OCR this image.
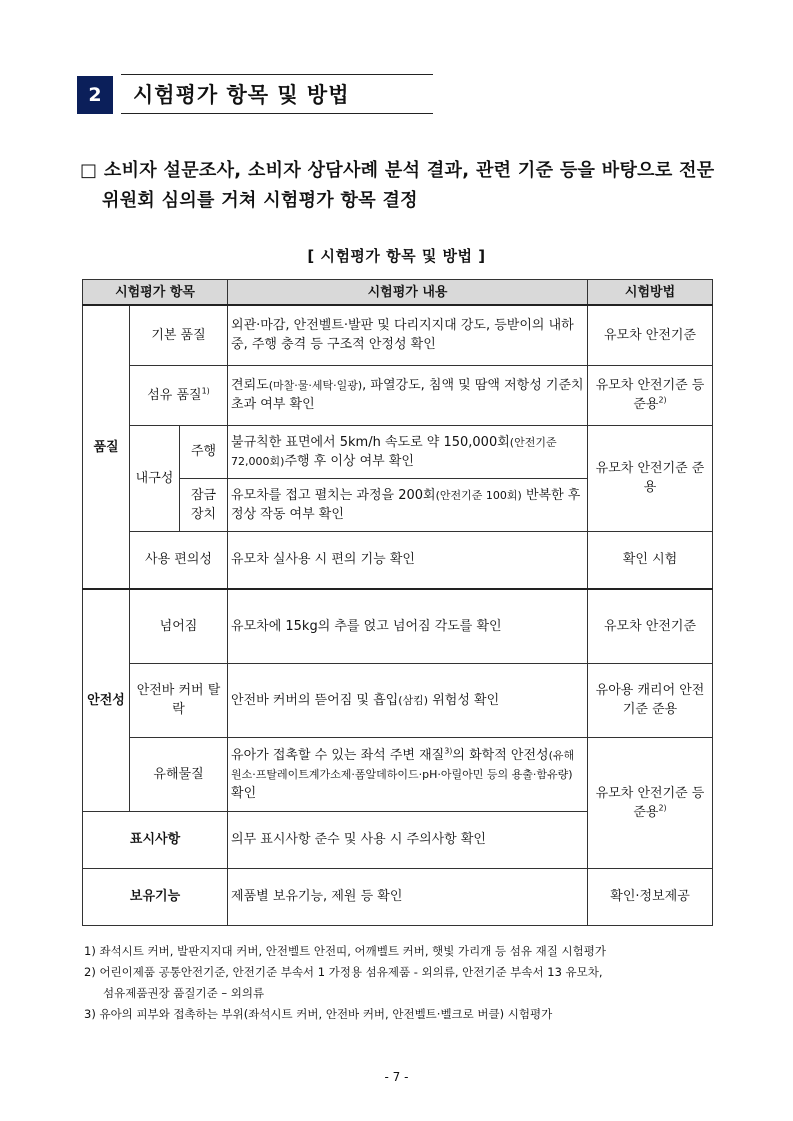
2	시험평가 항목 및 방법
□ 소비자 설문조사, 소비자 상담사례 분석 결과, 관련 기준 등을 바탕으로 전문
위원회 심의를 거쳐 시험평가 항목 결정
[ 시험평가 항목 및 방법 ]
시험평가 항목			시험평가 내용	시험방법
품질	기본 품질		외관·마감, 안전벨트·발판 및 다리지지대 강도, 등받이의 내하중, 주행 충격 등 구조적 안정성 확인	유모차 안전기준
	섬유 품질$^{1)}$		견뢰도(마찰·물·세탁·일광), 파열강도, 침액 및 땀액 저항성 기준치 초과 여부 확인	유모차 안전기준 등 준용$^{2)}$
	내구성	주행	불규칙한 표면에서 5km/h 속도로 약 150,000회(안전기준 72,000회)주행 후 이상 여부 확인	유모차 안전기준 준용
		잠금 장치	유모차를 접고 펼치는 과정을 200회(안전기준 100회) 반복한 후 정상 작동 여부 확인	
	사용 편의성		유모차 실사용 시 편의 기능 확인	확인 시험
안전성	넘어짐		유모차에 15kg의 추를 얹고 넘어짐 각도를 확인	유모차 안전기준
	안전바 커버 탈락		안전바 커버의 뜯어짐 및 흡입(삼킴) 위험성 확인	유아용 캐리어 안전기준 준용
	유해물질		유아가 접촉할 수 있는 좌석 주변 재질$^{3)}$의 화학적 안전성(유해원소·프탈레이트계가소제·폼알데하이드·pH·아릴아민 등의 용출·함유량) 확인	유모차 안전기준 등 준용$^{2)}$
표시사항			의무 표시사항 준수 및 사용 시 주의사항 확인	
보유기능			제품별 보유기능, 제원 등 확인	확인·정보제공
1) 좌석시트 커버, 발판지지대 커버, 안전벨트 안전띠, 어깨벨트 커버, 햇빛 가리개 등 섬유 재질 시험평가
2) 어린이제품 공통안전기준, 안전기준 부속서 1 가정용 섬유제품 - 외의류, 안전기준 부속서 13 유모차,
섬유제품권장 품질기준 – 외의류
3) 유아의 피부와 접촉하는 부위(좌석시트 커버, 안전바 커버, 안전벨트·벨크로 버클) 시험평가
- 7 -
